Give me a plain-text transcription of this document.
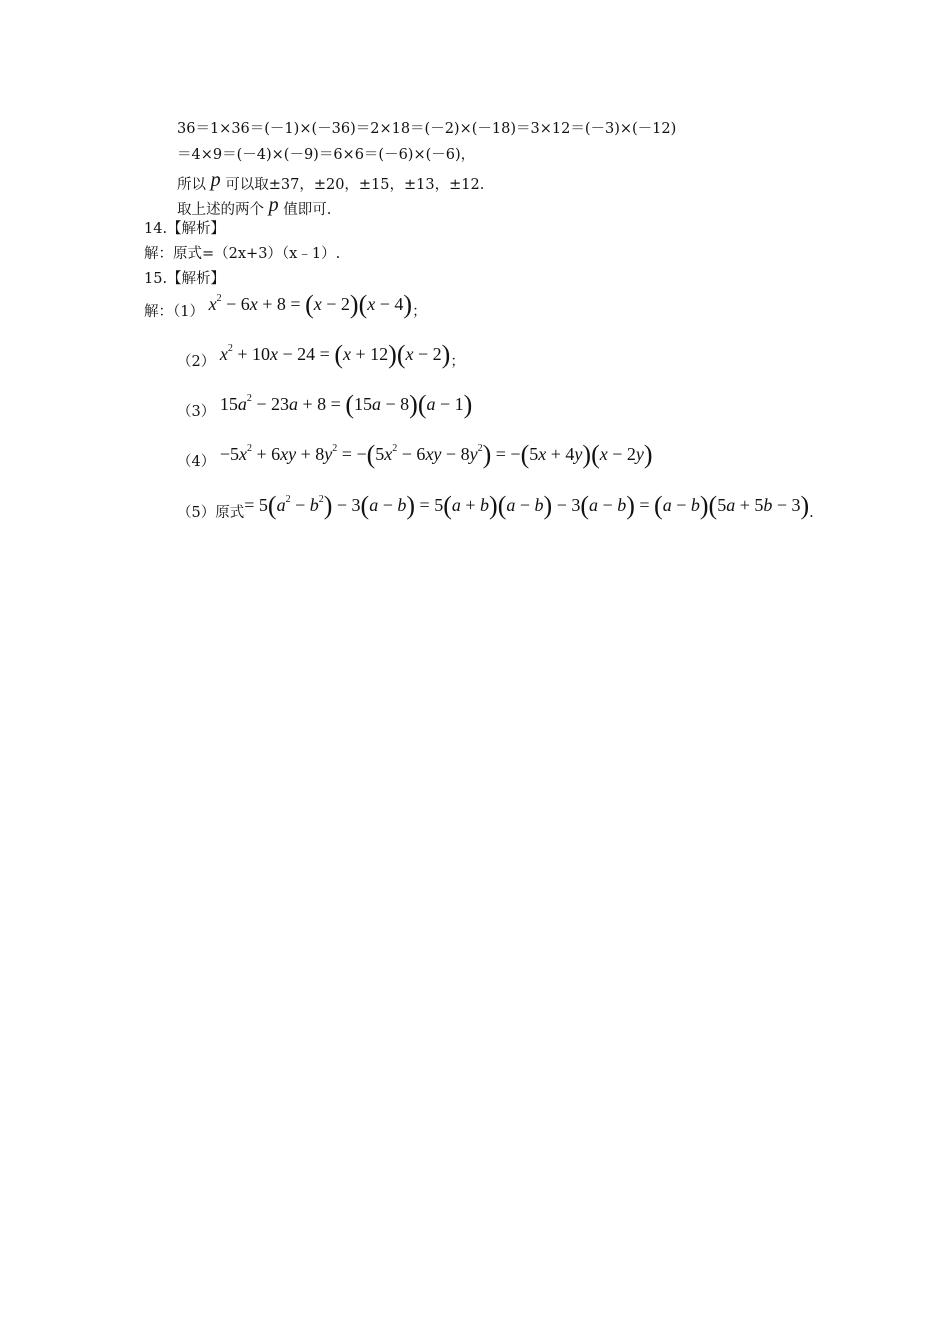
36＝1×36＝(－1)×(－36)＝2×18＝(－2)×(－18)＝3×12＝(－3)×(－12)
＝4×9＝(－4)×(－9)＝6×6＝(－6)×(－6)，
所以 p 可以取±37，±20，±15，±13，±12.
取上述的两个 p 值即可.
14.【解析】
解：原式=（2x+3）（x﹣1）.
15.【解析】
解：（1） $x^2 - 6x + 8 = (x - 2)(x - 4)$；
（2） $x^2 + 10x - 24 = (x + 12)(x - 2)$；
（3） $15a^2 - 23a + 8 = (15a - 8)(a - 1)$
$(4) -5x^2 + 6xy + 8y^2 = -(5x^2 - 6xy - 8y^2) = -(5x + 4y)(x - 2y)$
（5）原式= $5(a^2 - b^2) - 3(a - b) = 5(a + b)(a - b) - 3(a - b) = (a - b)(5a + 5b - 3)$.
